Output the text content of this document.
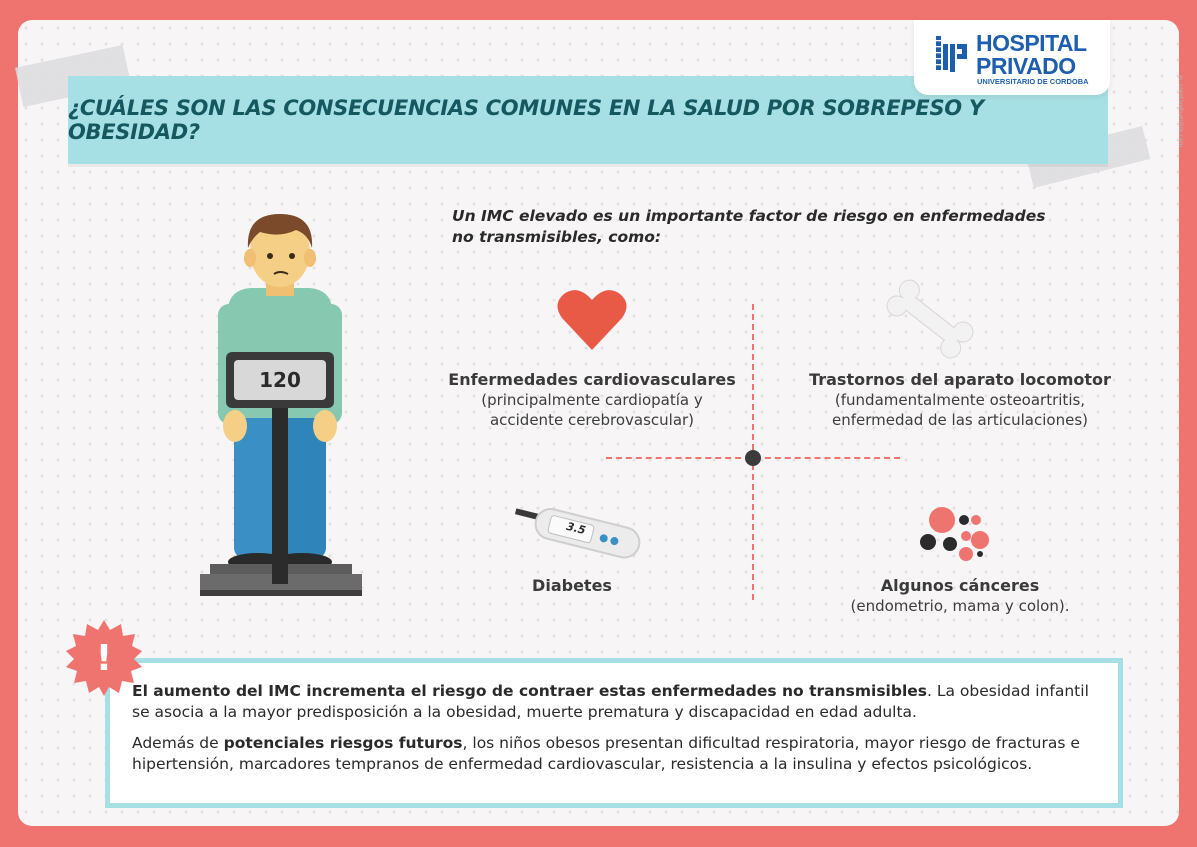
¿CUÁLES SON LAS CONSECUENCIAS COMUNES EN LA SALUD POR SOBREPESO Y OBESIDAD?
HOSPITAL
PRIVADO
UNIVERSITARIO DE CORDOBA	® creativehumilde.com
120
Un IMC elevado es un importante factor de riesgo en enfermedades no transmisibles, como:
Enfermedades cardiovasculares
(principalmente cardiopatía y
accidente cerebrovascular)
Trastornos del aparato locomotor
(fundamentalmente osteoartritis,
enfermedad de las articulaciones)
3.5
Diabetes	Algunos cánceres
(endometrio, mama y colon).

El aumento del IMC incrementa el riesgo de contraer estas enfermedades no transmisibles. La obesidad infantil se asocia a la mayor predisposición a la obesidad, muerte prematura y discapacidad en edad adulta.

Además de potenciales riesgos futuros, los niños obesos presentan dificultad respiratoria, mayor riesgo de fracturas e hipertensión, marcadores tempranos de enfermedad cardiovascular, resistencia a la insulina y efectos psicológicos.

!
